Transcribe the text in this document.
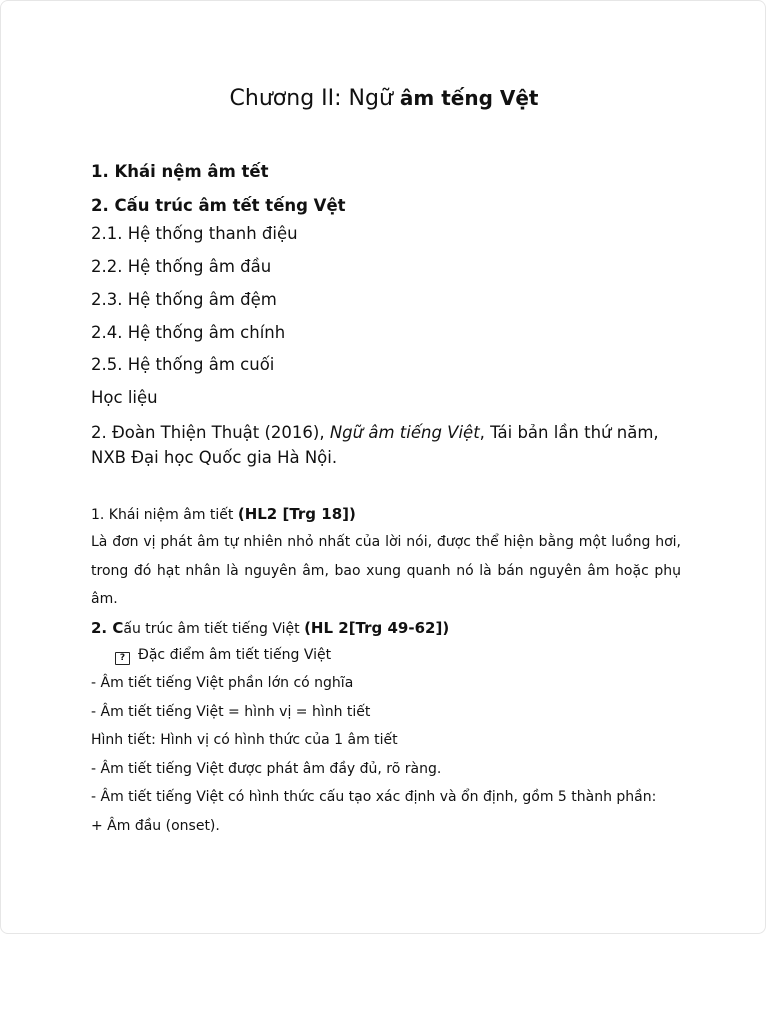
Chương II: Ngữ âm tếng Vệt
1. Khái nệm âm tết
2. Cấu trúc âm tết tếng Vệt
2.1. Hệ thống thanh điệu
2.2. Hệ thống âm đầu
2.3. Hệ thống âm đệm
2.4. Hệ thống âm chính
2.5. Hệ thống âm cuối
Học liệu
2. Đoàn Thiện Thuật (2016), Ngữ âm tiếng Việt, Tái bản lần thứ năm,
NXB Đại học Quốc gia Hà Nội.
1. Khái niệm âm tiết (HL2 [Trg 18])
Là đơn vị phát âm tự nhiên nhỏ nhất của lời nói, được thể hiện bằng một luồng hơi, trong đó hạt nhân là nguyên âm, bao xung quanh nó là bán nguyên âm hoặc phụ âm.
2. Cấu trúc âm tiết tiếng Việt (HL 2[Trg 49-62])
? Đặc điểm âm tiết tiếng Việt
- Âm tiết tiếng Việt phần lớn có nghĩa
- Âm tiết tiếng Việt = hình vị = hình tiết
Hình tiết: Hình vị có hình thức của 1 âm tiết
- Âm tiết tiếng Việt được phát âm đầy đủ, rõ ràng.
- Âm tiết tiếng Việt có hình thức cấu tạo xác định và ổn định, gồm 5 thành phần:
+ Âm đầu (onset).
